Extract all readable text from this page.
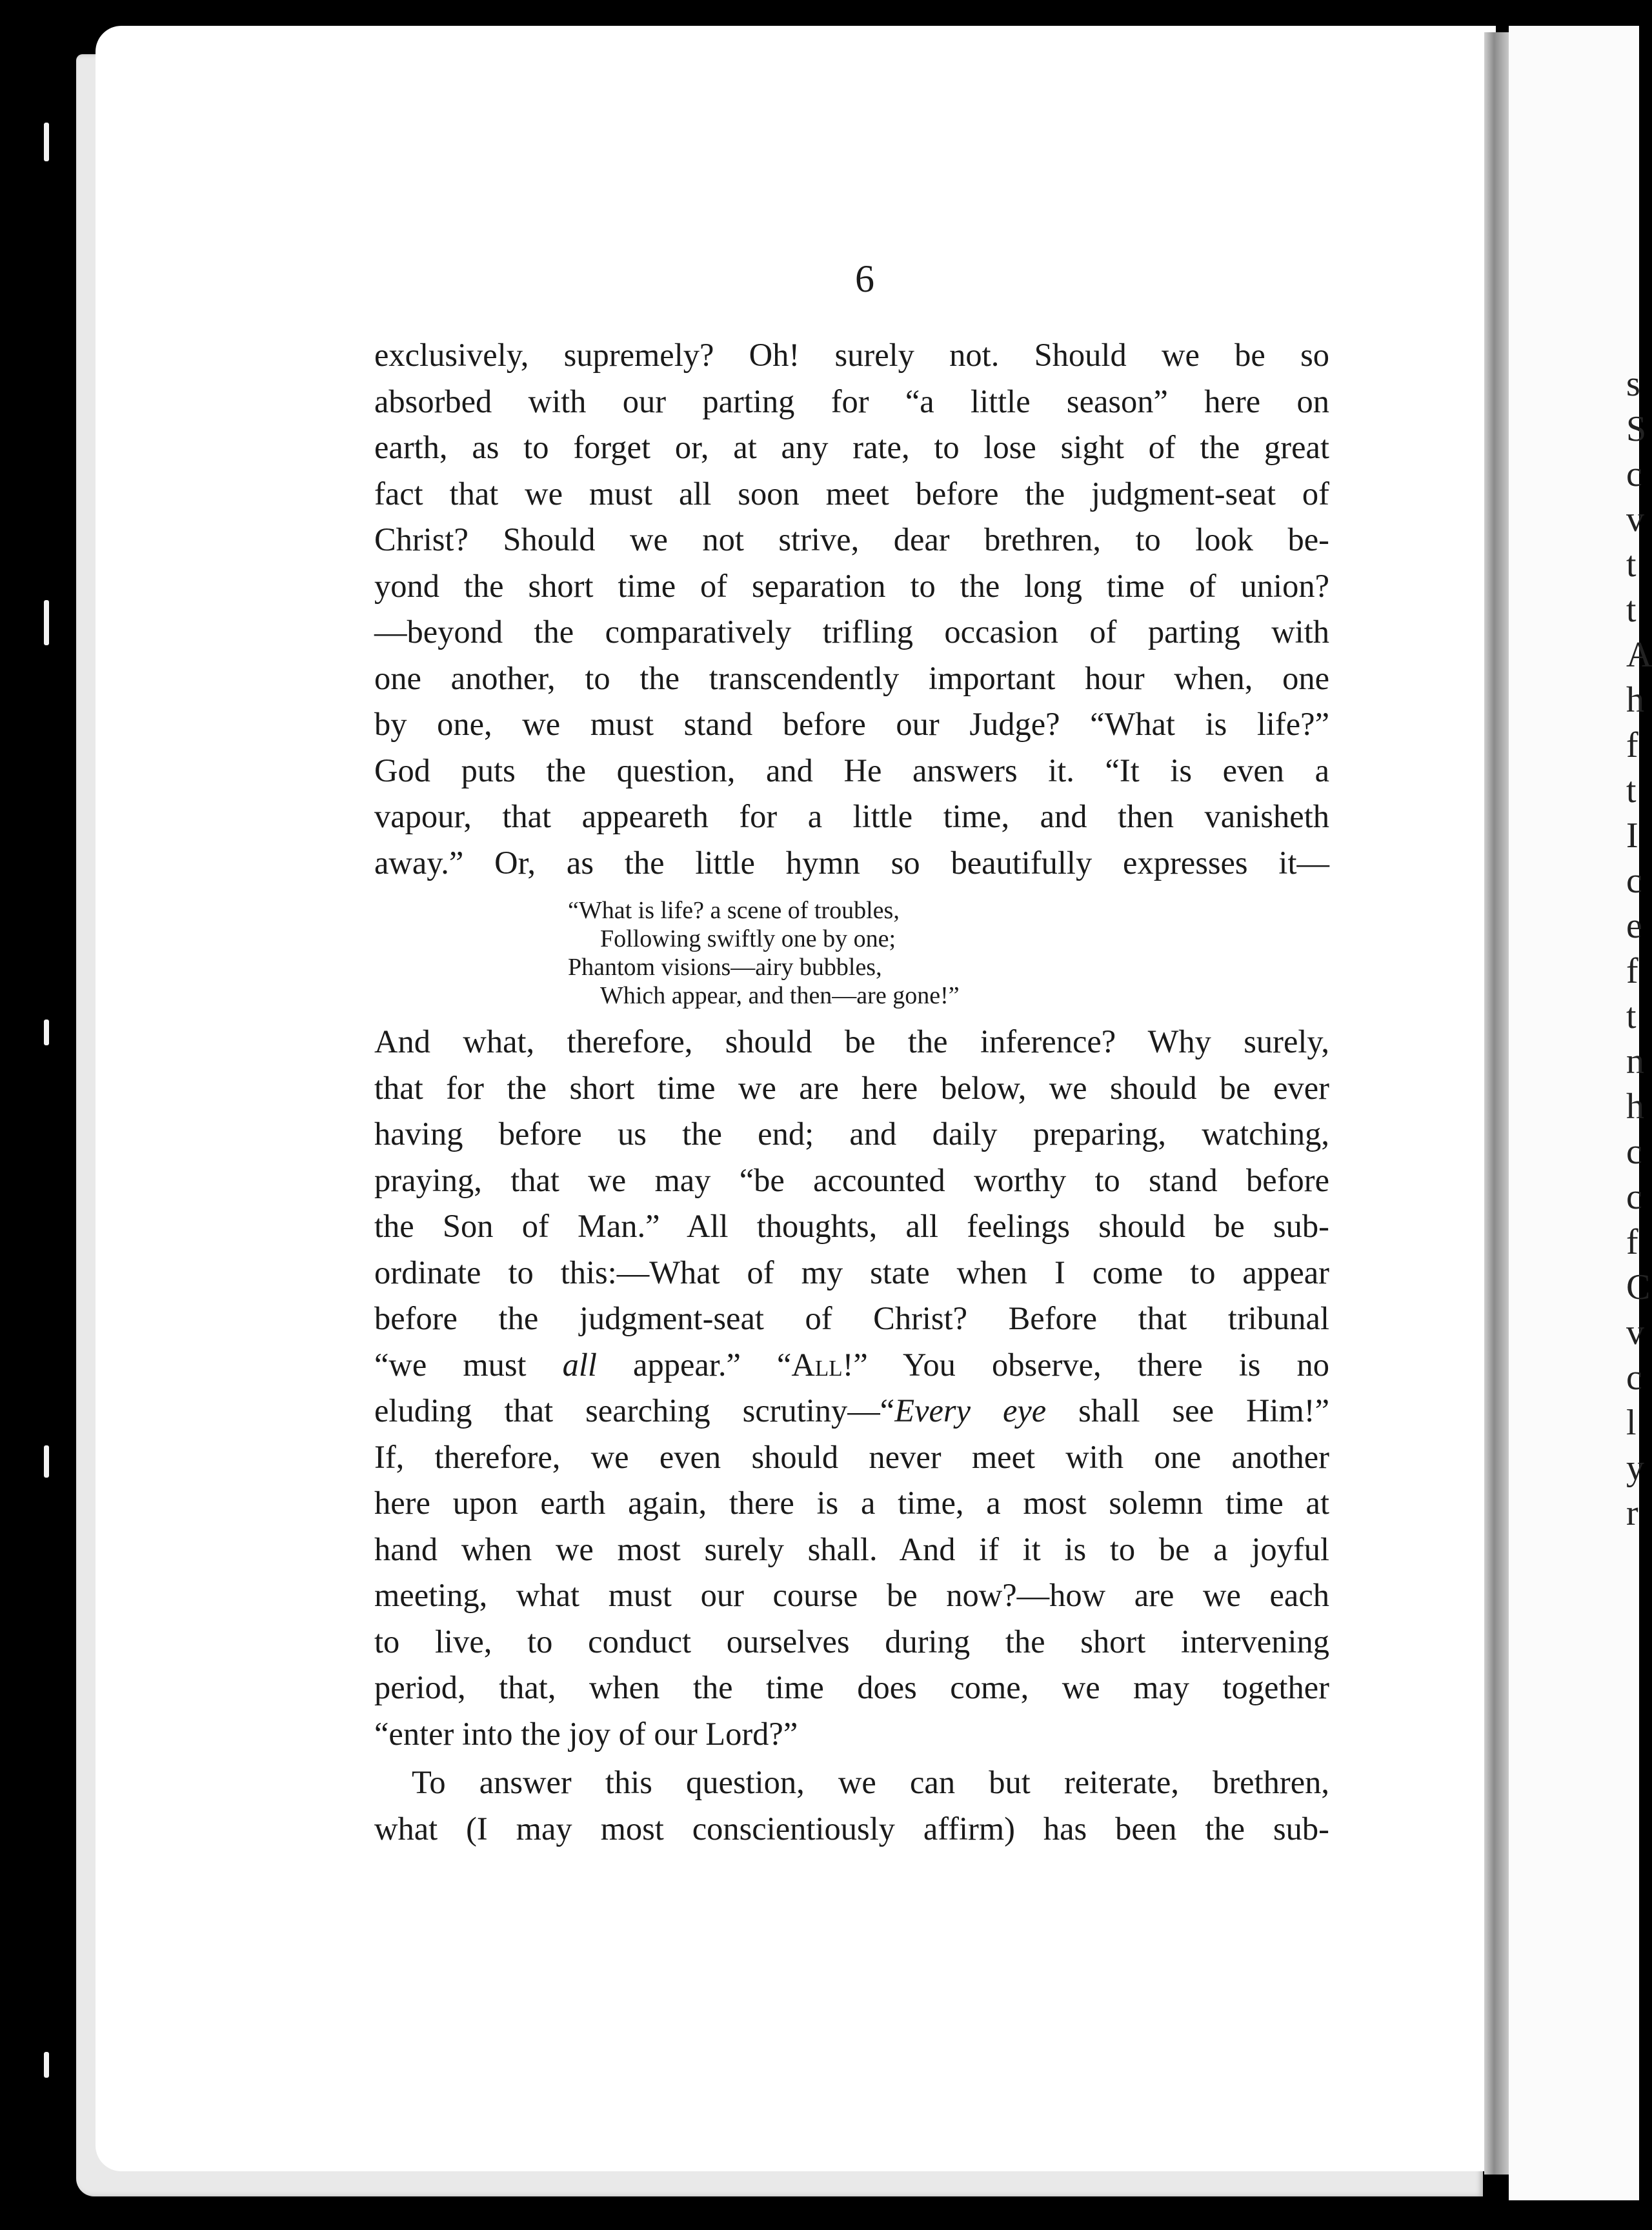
s S c v t t A h f t I c e f t n h c c f C v c l y r
6
exclusively, supremely? Oh! surely not. Should we be so
absorbed with our parting for “a little season” here on
earth, as to forget or, at any rate, to lose sight of the great
fact that we must all soon meet before the judgment-seat of
Christ? Should we not strive, dear brethren, to look be-
yond the short time of separation to the long time of union?
—beyond the comparatively trifling occasion of parting with
one another, to the transcendently important hour when, one
by one, we must stand before our Judge? “What is life?”
God puts the question, and He answers it. “It is even a
vapour, that appeareth for a little time, and then vanisheth
away.” Or, as the little hymn so beautifully expresses it—
“What is life? a scene of troubles,
Following swiftly one by one;
Phantom visions—airy bubbles,
Which appear, and then—are gone!”
And what, therefore, should be the inference? Why surely,
that for the short time we are here below, we should be ever
having before us the end; and daily preparing, watching,
praying, that we may “be accounted worthy to stand before
the Son of Man.” All thoughts, all feelings should be sub-
ordinate to this:—What of my state when I come to appear
before the judgment-seat of Christ? Before that tribunal
“we must all appear.” “All!” You observe, there is no
eluding that searching scrutiny—“Every eye shall see Him!”
If, therefore, we even should never meet with one another
here upon earth again, there is a time, a most solemn time at
hand when we most surely shall. And if it is to be a joyful
meeting, what must our course be now?—how are we each
to live, to conduct ourselves during the short intervening
period, that, when the time does come, we may together
“enter into the joy of our Lord?”
To answer this question, we can but reiterate, brethren,
what (I may most conscientiously affirm) has been the sub-
